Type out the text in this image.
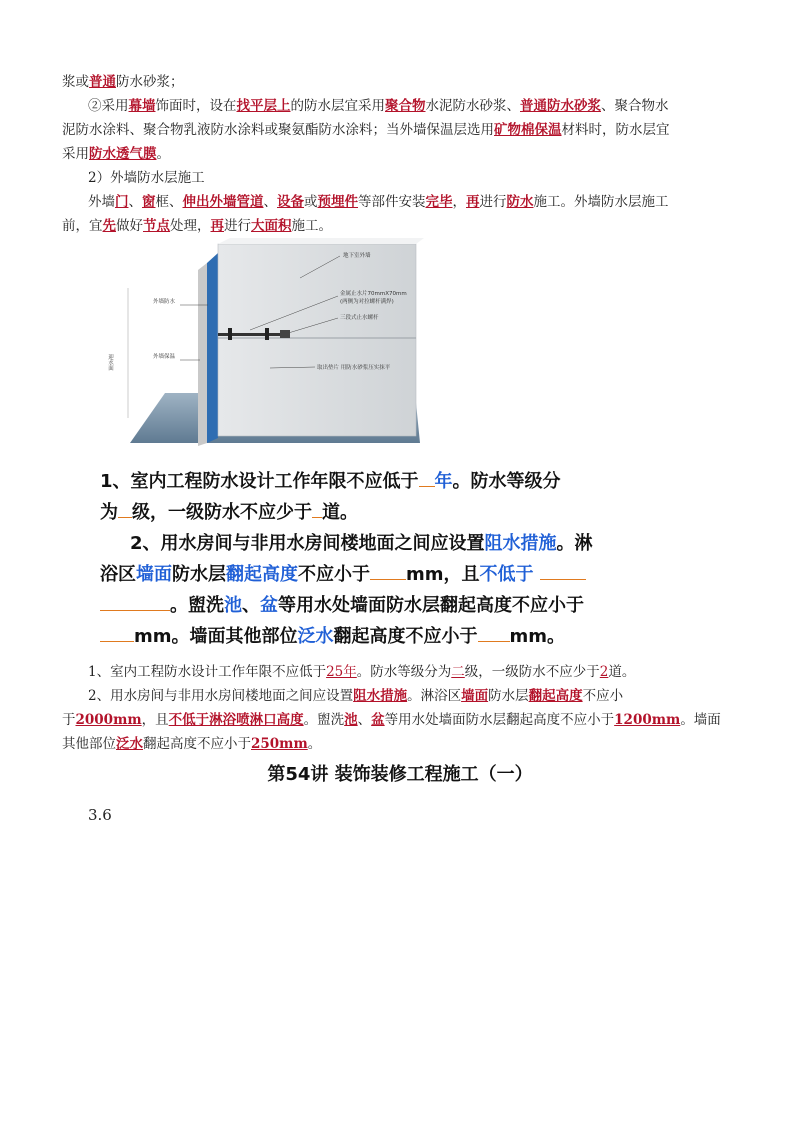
浆或普通防水砂浆；

②采用幕墙饰面时，设在找平层上的防水层宜采用聚合物水泥防水砂浆、普通防水砂浆、聚合物水

泥防水涂料、聚合物乳液防水涂料或聚氨酯防水涂料；当外墙保温层选用矿物棉保温材料时，防水层宜

采用防水透气膜。

2）外墙防水层施工

外墙门、窗框、伸出外墙管道、设备或预埋件等部件安装完毕，再进行防水施工。外墙防水层施工

前，宜先做好节点处理，再进行大面积施工。

地下室外墙
金属止水片70mmX70mm
(两侧为对拉螺杆满焊)
三段式止水螺杆
外墙防水
外墙保温
迎水面	取出垫片 用防水砂浆压实抹平

1、室内工程防水设计工作年限不应低于 年。防水等级分

为 级，一级防水不应少于 道。

2、用水房间与非用水房间楼地面之间应设置阻水措施。淋

浴区墙面防水层翻起高度不应小于 mm，且不低于

。盥洗池、盆等用水处墙面防水层翻起高度不应小于

mm。墙面其他部位泛水翻起高度不应小于 mm。

1、室内工程防水设计工作年限不应低于25年。防水等级分为二级，一级防水不应少于2道。

2、用水房间与非用水房间楼地面之间应设置阻水措施。淋浴区墙面防水层翻起高度不应小

于2000mm，且不低于淋浴喷淋口高度。盥洗池、盆等用水处墙面防水层翻起高度不应小于1200mm。墙面

其他部位泛水翻起高度不应小于250mm。

第54讲 装饰装修工程施工（一）

3.6
